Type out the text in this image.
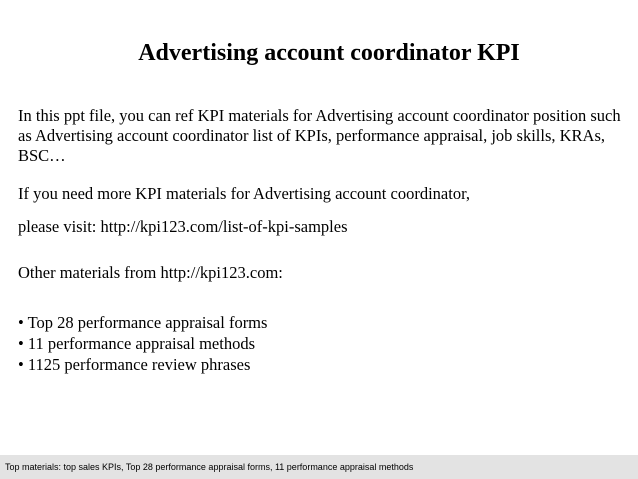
Advertising account coordinator KPI
In this ppt file, you can ref KPI materials for Advertising account coordinator position such as Advertising account coordinator list of KPIs, performance appraisal, job skills, KRAs, BSC…
If you need more KPI materials for Advertising account coordinator,
please visit: http://kpi123.com/list-of-kpi-samples
Other materials from http://kpi123.com:
• Top 28 performance appraisal forms
• 11 performance appraisal methods
• 1125 performance review phrases
Top materials: top sales KPIs, Top 28 performance appraisal forms, 11 performance appraisal methods
